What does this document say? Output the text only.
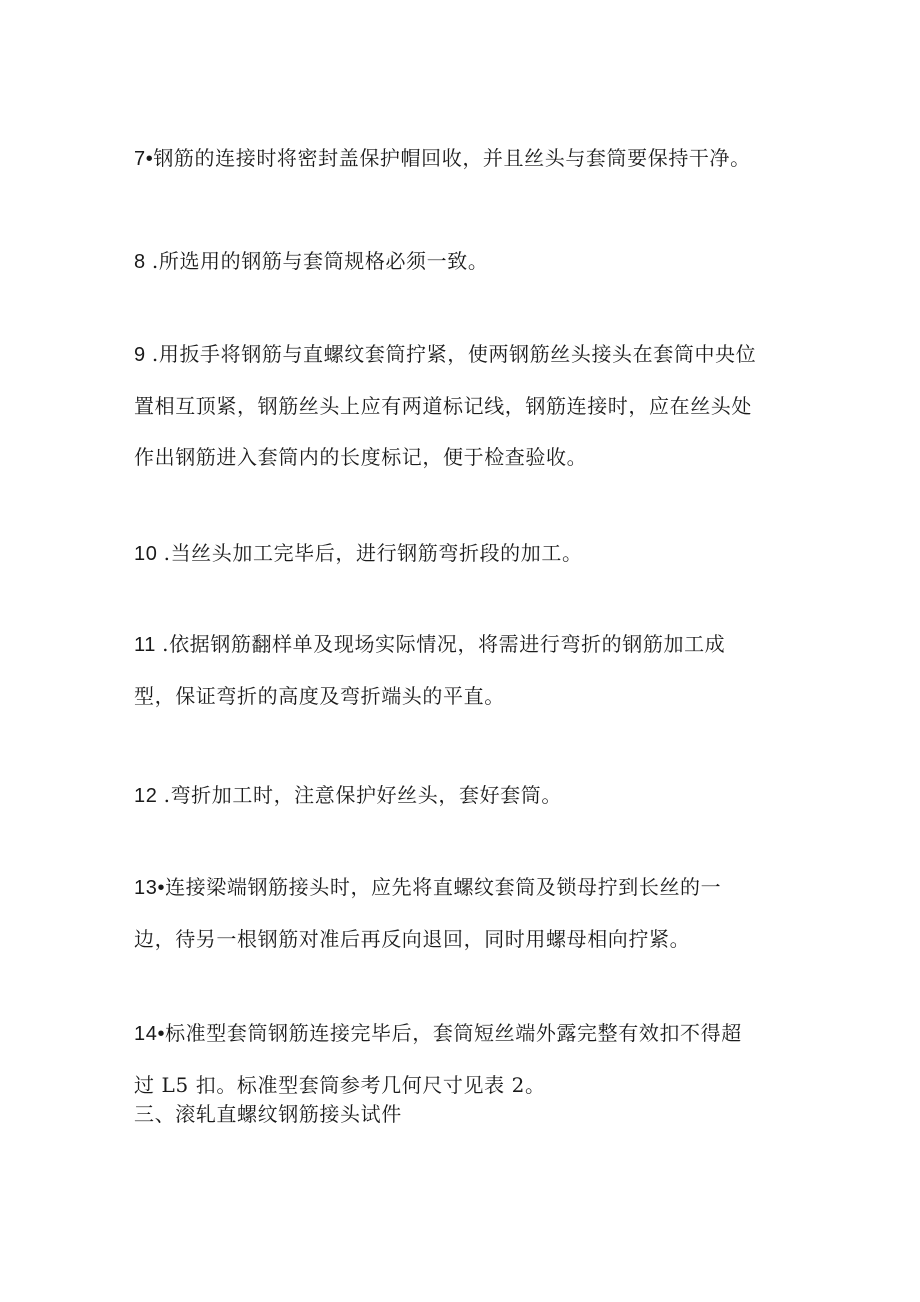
7•钢筋的连接时将密封盖保护帽回收，并且丝头与套筒要保持干净。

8 .所选用的钢筋与套筒规格必须一致。

9 .用扳手将钢筋与直螺纹套筒拧紧，使两钢筋丝头接头在套筒中央位
置相互顶紧，钢筋丝头上应有两道标记线，钢筋连接时，应在丝头处
作出钢筋进入套筒内的长度标记，便于检查验收。

10 .当丝头加工完毕后，进行钢筋弯折段的加工。

11 .依据钢筋翻样单及现场实际情况，将需进行弯折的钢筋加工成
型，保证弯折的高度及弯折端头的平直。

12 .弯折加工时，注意保护好丝头，套好套筒。

13•连接梁端钢筋接头时，应先将直螺纹套筒及锁母拧到长丝的一
边，待另一根钢筋对准后再反向退回，同时用螺母相向拧紧。
14•标准型套筒钢筋连接完毕后，套筒短丝端外露完整有效扣不得超
过 L5 扣。标准型套筒参考几何尺寸见表 2。

三、滚轧直螺纹钢筋接头试件
